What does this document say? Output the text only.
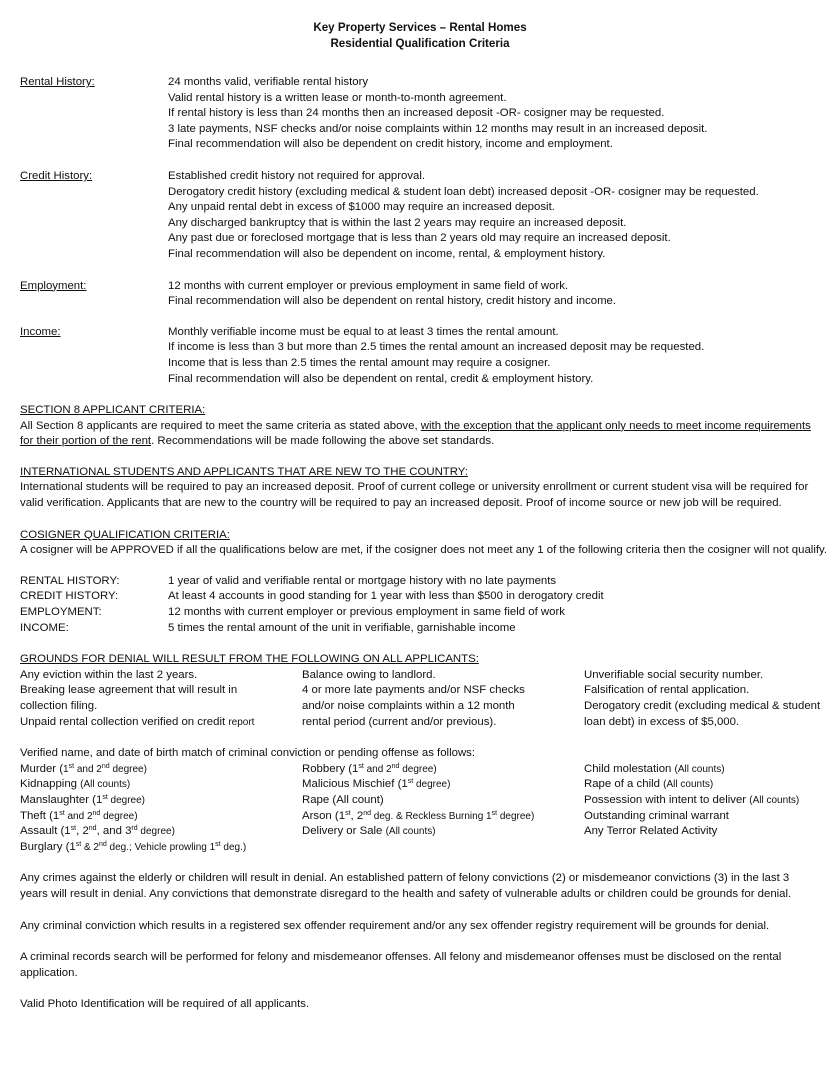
Key Property Services – Rental Homes
Residential Qualification Criteria
Rental History:	24 months valid, verifiable rental history
Valid rental history is a written lease or month-to-month agreement.
If rental history is less than 24 months then an increased deposit -OR- cosigner may be requested.
3 late payments, NSF checks and/or noise complaints within 12 months may result in an increased deposit.
Final recommendation will also be dependent on credit history, income and employment.
Credit History:	Established credit history not required for approval.
Derogatory credit history (excluding medical & student loan debt) increased deposit -OR- cosigner may be requested.
Any unpaid rental debt in excess of $1000 may require an increased deposit.
Any discharged bankruptcy that is within the last 2 years may require an increased deposit.
Any past due or foreclosed mortgage that is less than 2 years old may require an increased deposit.
Final recommendation will also be dependent on income, rental, & employment history.
Employment:	12 months with current employer or previous employment in same field of work.
Final recommendation will also be dependent on rental history, credit history and income.
Income:	Monthly verifiable income must be equal to at least 3 times the rental amount.
If income is less than 3 but more than 2.5 times the rental amount an increased deposit may be requested.
Income that is less than 2.5 times the rental amount may require a cosigner.
Final recommendation will also be dependent on rental, credit & employment history.
SECTION 8 APPLICANT CRITERIA:
All Section 8 applicants are required to meet the same criteria as stated above, with the exception that the applicant only needs to meet income requirements for their portion of the rent. Recommendations will be made following the above set standards.
INTERNATIONAL STUDENTS AND APPLICANTS THAT ARE NEW TO THE COUNTRY:
International students will be required to pay an increased deposit. Proof of current college or university enrollment or current student visa will be required for valid verification. Applicants that are new to the country will be required to pay an increased deposit. Proof of income source or new job will be required.
COSIGNER QUALIFICATION CRITERIA:
A cosigner will be APPROVED if all the qualifications below are met, if the cosigner does not meet any 1 of the following criteria then the cosigner will not qualify.
RENTAL HISTORY:	1 year of valid and verifiable rental or mortgage history with no late payments
CREDIT HISTORY:	At least 4 accounts in good standing for 1 year with less than $500 in derogatory credit
EMPLOYMENT:	12 months with current employer or previous employment in same field of work
INCOME:	5 times the rental amount of the unit in verifiable, garnishable income
GROUNDS FOR DENIAL WILL RESULT FROM THE FOLLOWING ON ALL APPLICANTS:
Any eviction within the last 2 years.
Breaking lease agreement that will result in
collection filing.
Unpaid rental collection verified on credit report
Balance owing to landlord.
4 or more late payments and/or NSF checks
and/or noise complaints within a 12 month
rental period (current and/or previous).
Unverifiable social security number.
Falsification of rental application.
Derogatory credit (excluding medical & student
loan debt) in excess of $5,000.
Verified name, and date of birth match of criminal conviction or pending offense as follows:
Murder (1st and 2nd degree)
Kidnapping (All counts)
Manslaughter (1st degree)
Theft (1st and 2nd degree)
Assault (1st, 2nd, and 3rd degree)
Burglary (1st & 2nd deg.; Vehicle prowling 1st deg.)
Robbery (1st and 2nd degree)
Malicious Mischief (1st degree)
Rape (All count)
Arson (1st, 2nd deg. & Reckless Burning 1st degree)
Delivery or Sale (All counts)
Child molestation (All counts)
Rape of a child (All counts)
Possession with intent to deliver (All counts)
Outstanding criminal warrant
Any Terror Related Activity
Any crimes against the elderly or children will result in denial. An established pattern of felony convictions (2) or misdemeanor convictions (3) in the last 3 years will result in denial. Any convictions that demonstrate disregard to the health and safety of vulnerable adults or children could be grounds for denial.
Any criminal conviction which results in a registered sex offender requirement and/or any sex offender registry requirement will be grounds for denial.
A criminal records search will be performed for felony and misdemeanor offenses. All felony and misdemeanor offenses must be disclosed on the rental application.
Valid Photo Identification will be required of all applicants.
